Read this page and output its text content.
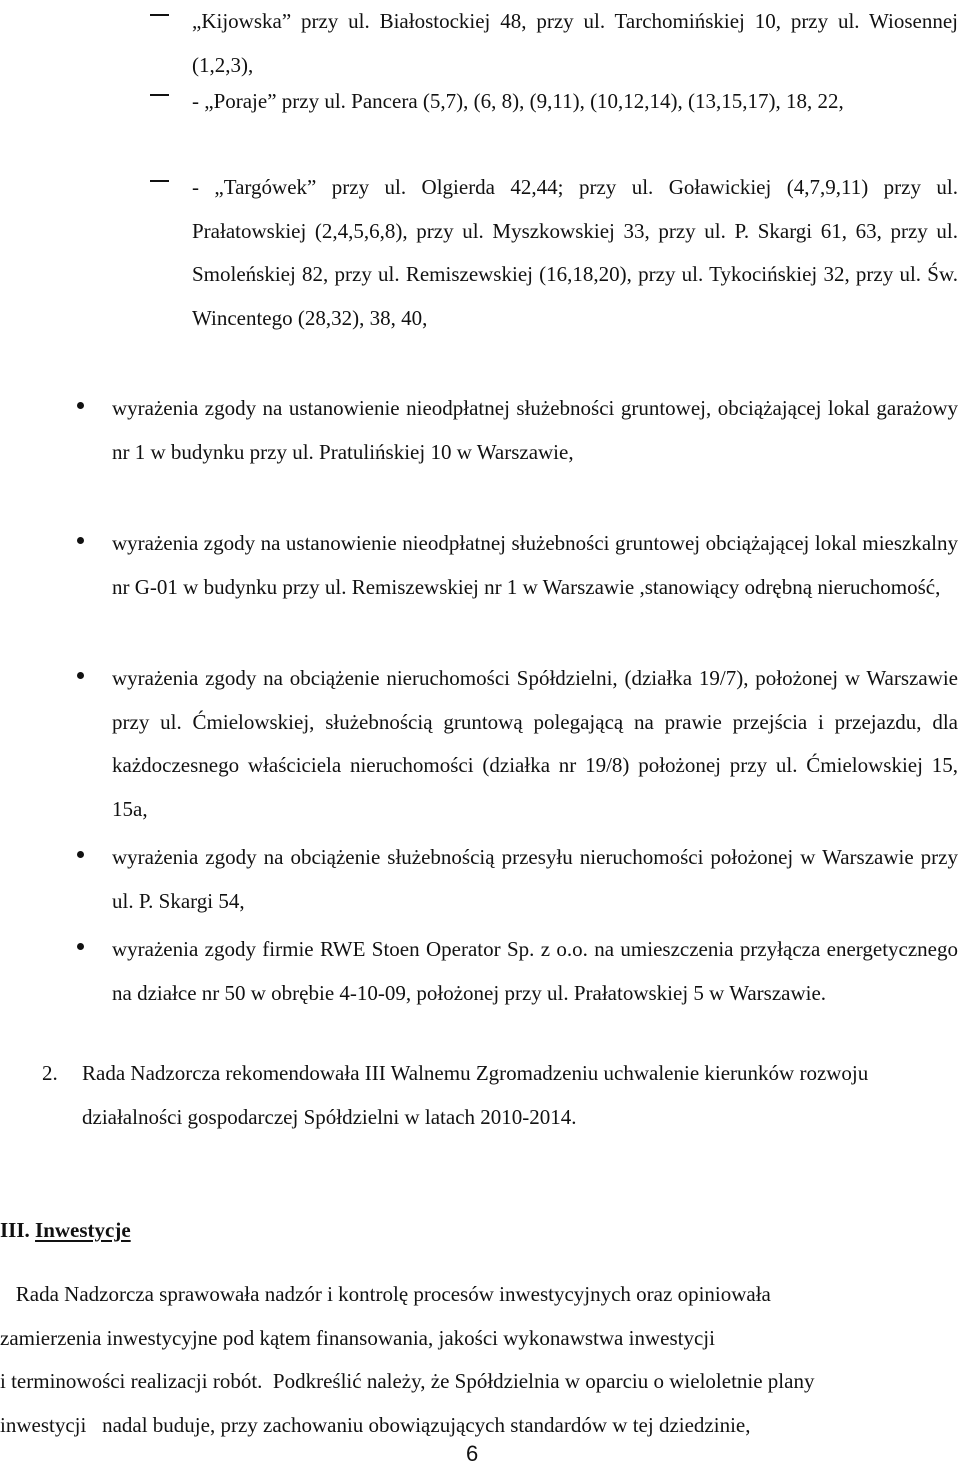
„Kijowska” przy ul. Białostockiej 48, przy ul. Tarchomińskiej 10, przy ul. Wiosennej (1,2,3),
- „Poraje” przy ul. Pancera (5,7), (6, 8), (9,11), (10,12,14), (13,15,17), 18, 22,
- „Targówek” przy ul. Olgierda 42,44; przy ul. Goławickiej (4,7,9,11) przy ul. Prałatowskiej (2,4,5,6,8), przy ul. Myszkowskiej 33, przy ul. P. Skargi 61, 63, przy ul. Smoleńskiej 82, przy ul. Remiszewskiej (16,18,20), przy ul. Tykocińskiej 32, przy ul. Św. Wincentego (28,32), 38, 40,
wyrażenia zgody na ustanowienie nieodpłatnej służebności gruntowej, obciążającej lokal garażowy nr 1 w budynku przy ul. Pratulińskiej 10 w Warszawie,
wyrażenia zgody na ustanowienie nieodpłatnej służebności gruntowej obciążającej lokal mieszkalny nr G-01 w budynku przy ul. Remiszewskiej nr 1 w Warszawie ,stanowiący odrębną nieruchomość,
wyrażenia zgody na obciążenie nieruchomości Spółdzielni, (działka 19/7), położonej w Warszawie przy ul. Ćmielowskiej, służebnością gruntową polegającą na prawie przejścia i przejazdu, dla każdoczesnego właściciela nieruchomości (działka nr 19/8) położonej przy ul. Ćmielowskiej 15, 15a,
wyrażenia zgody na obciążenie służebnością przesyłu nieruchomości położonej w Warszawie przy ul. P. Skargi 54,
wyrażenia zgody firmie RWE Stoen Operator Sp. z o.o. na umieszczenia przyłącza energetycznego na działce nr 50 w obrębie 4-10-09, położonej przy ul. Prałatowskiej 5 w Warszawie.
2. Rada Nadzorcza rekomendowała III Walnemu Zgromadzeniu uchwalenie kierunków rozwoju działalności gospodarczej Spółdzielni w latach 2010-2014.
III. Inwestycje
Rada Nadzorcza sprawowała nadzór i kontrolę procesów inwestycyjnych oraz opiniowała
zamierzenia inwestycyjne pod kątem finansowania, jakości wykonawstwa inwestycji
i terminowości realizacji robót.  Podkreślić należy, że Spółdzielnia w oparciu o wieloletnie plany
inwestycji   nadal buduje, przy zachowaniu obowiązujących standardów w tej dziedzinie,
6
